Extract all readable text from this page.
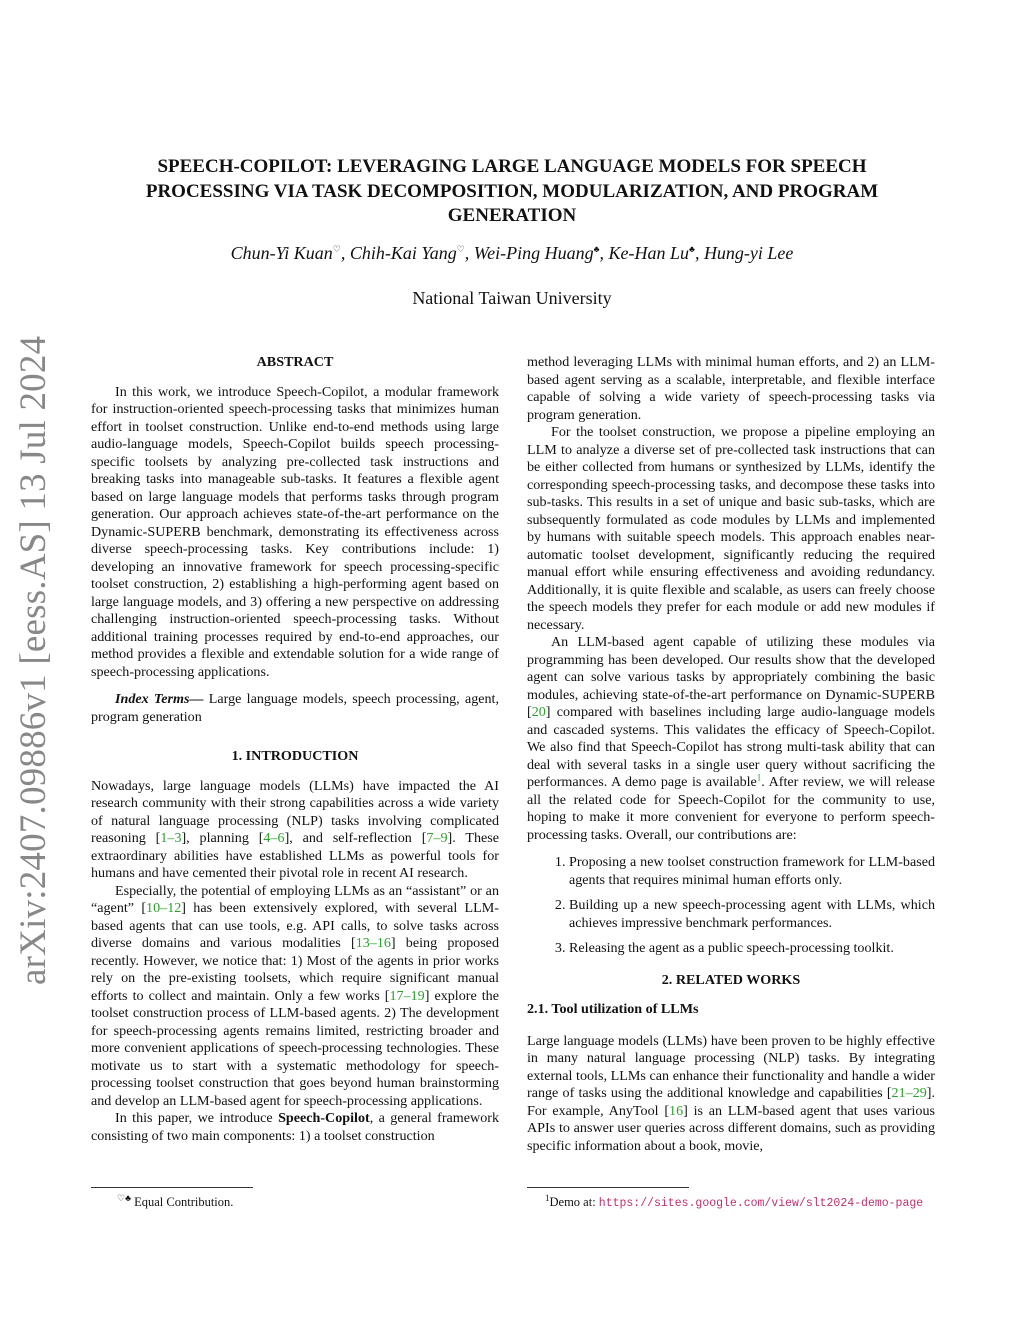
arXiv:2407.09886v1 [eess.AS] 13 Jul 2024
SPEECH-COPILOT: LEVERAGING LARGE LANGUAGE MODELS FOR SPEECH
PROCESSING VIA TASK DECOMPOSITION, MODULARIZATION, AND PROGRAM
GENERATION
Chun-Yi Kuan♡, Chih-Kai Yang♡, Wei-Ping Huang♣, Ke-Han Lu♣, Hung-yi Lee
National Taiwan University
ABSTRACT

In this work, we introduce Speech-Copilot, a modular framework for instruction-oriented speech-processing tasks that minimizes human effort in toolset construction. Unlike end-to-end methods using large audio-language models, Speech-Copilot builds speech processing-specific toolsets by analyzing pre-collected task instructions and breaking tasks into manageable sub-tasks. It features a flexible agent based on large language models that performs tasks through program generation. Our approach achieves state-of-the-art performance on the Dynamic-SUPERB benchmark, demonstrating its effectiveness across diverse speech-processing tasks. Key contributions include: 1) developing an innovative framework for speech processing-specific toolset construction, 2) establishing a high-performing agent based on large language models, and 3) offering a new perspective on addressing challenging instruction-oriented speech-processing tasks. Without additional training processes required by end-to-end approaches, our method provides a flexible and extendable solution for a wide range of speech-processing applications.

Index Terms— Large language models, speech processing, agent, program generation

1. INTRODUCTION

Nowadays, large language models (LLMs) have impacted the AI research community with their strong capabilities across a wide variety of natural language processing (NLP) tasks involving complicated reasoning [1–3], planning [4–6], and self-reflection [7–9]. These extraordinary abilities have established LLMs as powerful tools for humans and have cemented their pivotal role in recent AI research.

Especially, the potential of employing LLMs as an “assistant” or an “agent” [10–12] has been extensively explored, with several LLM-based agents that can use tools, e.g. API calls, to solve tasks across diverse domains and various modalities [13–16] being proposed recently. However, we notice that: 1) Most of the agents in prior works rely on the pre-existing toolsets, which require significant manual efforts to collect and maintain. Only a few works [17–19] explore the toolset construction process of LLM-based agents. 2) The development for speech-processing agents remains limited, restricting broader and more convenient applications of speech-processing technologies. These motivate us to start with a systematic methodology for speech-processing toolset construction that goes beyond human brainstorming and develop an LLM-based agent for speech-processing applications.

In this paper, we introduce Speech-Copilot, a general framework consisting of two main components: 1) a toolset construction

method leveraging LLMs with minimal human efforts, and 2) an LLM-based agent serving as a scalable, interpretable, and flexible interface capable of solving a wide variety of speech-processing tasks via program generation.

For the toolset construction, we propose a pipeline employing an LLM to analyze a diverse set of pre-collected task instructions that can be either collected from humans or synthesized by LLMs, identify the corresponding speech-processing tasks, and decompose these tasks into sub-tasks. This results in a set of unique and basic sub-tasks, which are subsequently formulated as code modules by LLMs and implemented by humans with suitable speech models. This approach enables near-automatic toolset development, significantly reducing the required manual effort while ensuring effectiveness and avoiding redundancy. Additionally, it is quite flexible and scalable, as users can freely choose the speech models they prefer for each module or add new modules if necessary.

An LLM-based agent capable of utilizing these modules via programming has been developed. Our results show that the developed agent can solve various tasks by appropriately combining the basic modules, achieving state-of-the-art performance on Dynamic-SUPERB [20] compared with baselines including large audio-language models and cascaded systems. This validates the efficacy of Speech-Copilot. We also find that Speech-Copilot has strong multi-task ability that can deal with several tasks in a single user query without sacrificing the performances. A demo page is available$^1$. After review, we will release all the related code for Speech-Copilot for the community to use, hoping to make it more convenient for everyone to perform speech-processing tasks. Overall, our contributions are:

1. Proposing a new toolset construction framework for LLM-based agents that requires minimal human efforts only.
2. Building up a new speech-processing agent with LLMs, which achieves impressive benchmark performances.
3. Releasing the agent as a public speech-processing toolkit.
2. RELATED WORKS
2.1. Tool utilization of LLMs

Large language models (LLMs) have been proven to be highly effective in many natural language processing (NLP) tasks. By integrating external tools, LLMs can enhance their functionality and handle a wider range of tasks using the additional knowledge and capabilities [21–29]. For example, AnyTool [16] is an LLM-based agent that uses various APIs to answer user queries across different domains, such as providing specific information about a book, movie,

♡♣ Equal Contribution.	$^1$Demo at: https://sites.google.com/view/slt2024-demo-page
